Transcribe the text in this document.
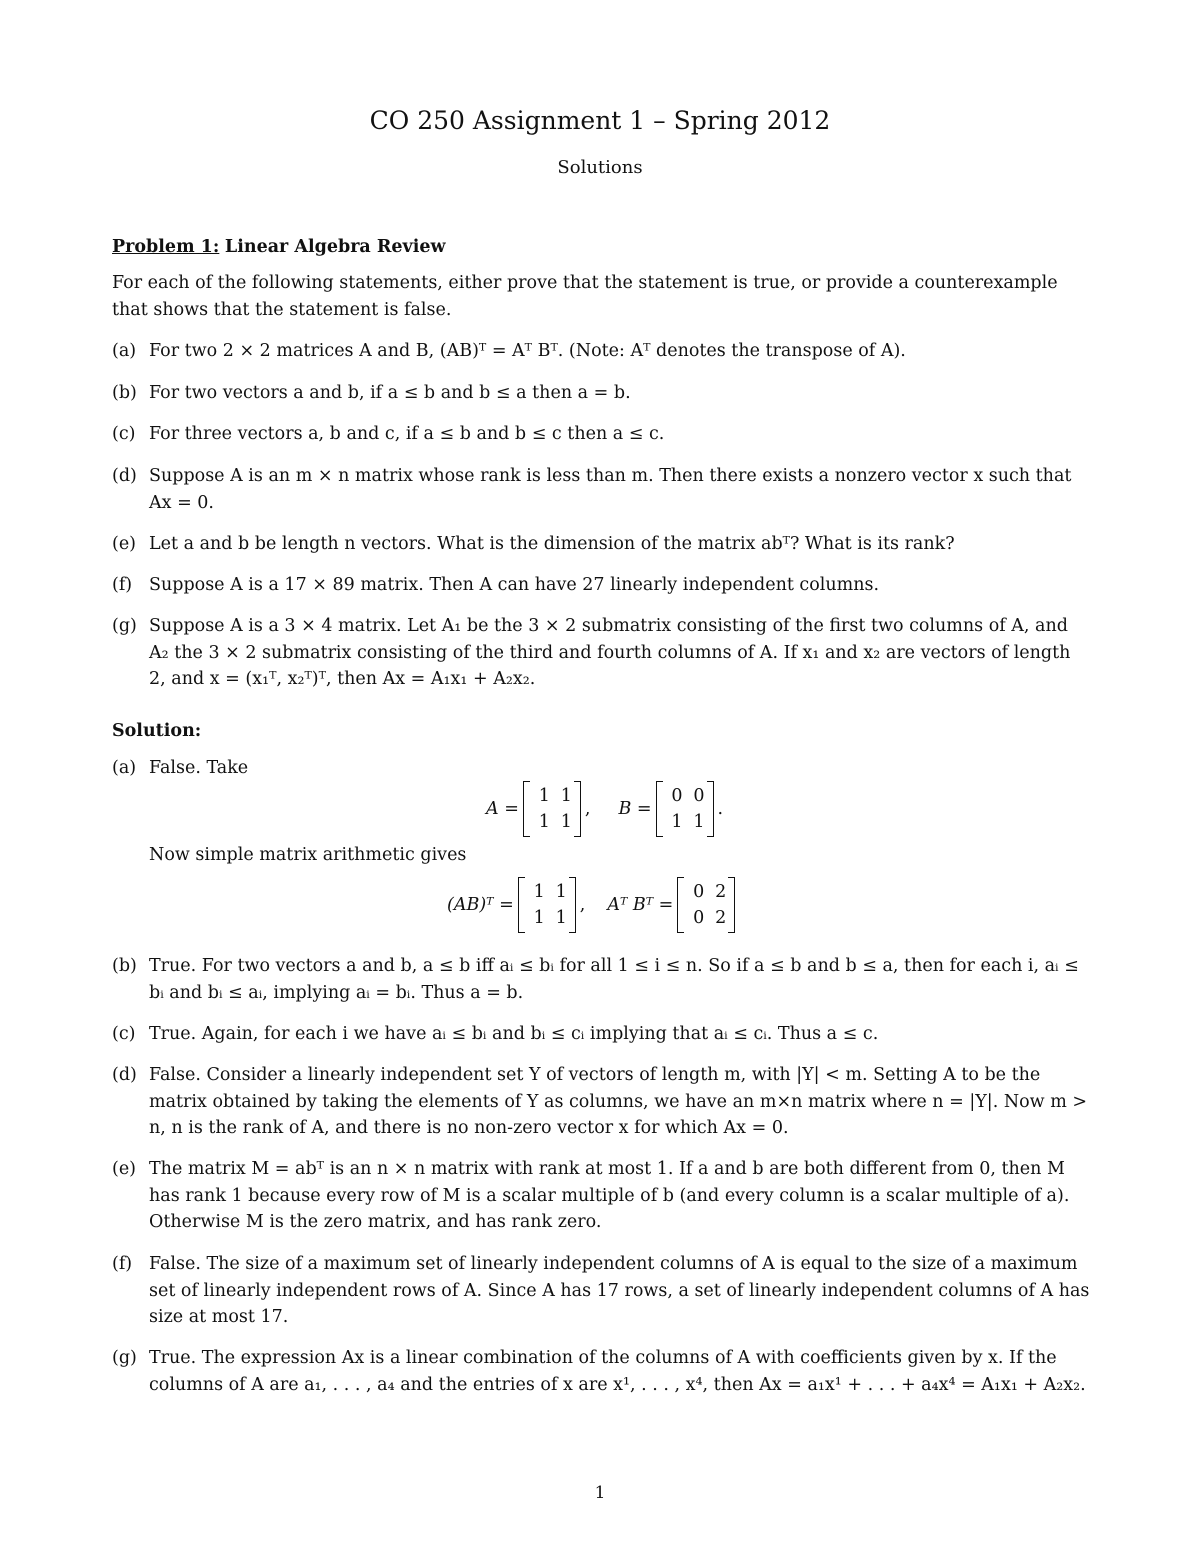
CO 250 Assignment 1 – Spring 2012
Solutions
Problem 1: Linear Algebra Review
For each of the following statements, either prove that the statement is true, or provide a counterexample that shows that the statement is false.
(a) For two 2 × 2 matrices A and B, (AB)ᵀ = Aᵀ Bᵀ. (Note: Aᵀ denotes the transpose of A).
(b) For two vectors a and b, if a ≤ b and b ≤ a then a = b.
(c) For three vectors a, b and c, if a ≤ b and b ≤ c then a ≤ c.
(d) Suppose A is an m × n matrix whose rank is less than m. Then there exists a nonzero vector x such that Ax = 0.
(e) Let a and b be length n vectors. What is the dimension of the matrix abᵀ? What is its rank?
(f) Suppose A is a 17 × 89 matrix. Then A can have 27 linearly independent columns.
(g) Suppose A is a 3 × 4 matrix. Let A₁ be the 3 × 2 submatrix consisting of the first two columns of A, and A₂ the 3 × 2 submatrix consisting of the third and fourth columns of A. If x₁ and x₂ are vectors of length 2, and x = (x₁ᵀ, x₂ᵀ)ᵀ, then Ax = A₁x₁ + A₂x₂.
Solution:
(a) False. Take
A =
1 1
1 1
, B =
0 0
1 1
.
Now simple matrix arithmetic gives
(AB)ᵀ =
1 1
1 1
, Aᵀ Bᵀ =
0 2
0 2
(b) True. For two vectors a and b, a ≤ b iff aᵢ ≤ bᵢ for all 1 ≤ i ≤ n. So if a ≤ b and b ≤ a, then for each i, aᵢ ≤ bᵢ and bᵢ ≤ aᵢ, implying aᵢ = bᵢ. Thus a = b.
(c) True. Again, for each i we have aᵢ ≤ bᵢ and bᵢ ≤ cᵢ implying that aᵢ ≤ cᵢ. Thus a ≤ c.
(d) False. Consider a linearly independent set Y of vectors of length m, with |Y| < m. Setting A to be the matrix obtained by taking the elements of Y as columns, we have an m×n matrix where n = |Y|. Now m > n, n is the rank of A, and there is no non-zero vector x for which Ax = 0.
(e) The matrix M = abᵀ is an n × n matrix with rank at most 1. If a and b are both different from 0, then M has rank 1 because every row of M is a scalar multiple of b (and every column is a scalar multiple of a). Otherwise M is the zero matrix, and has rank zero.
(f) False. The size of a maximum set of linearly independent columns of A is equal to the size of a maximum set of linearly independent rows of A. Since A has 17 rows, a set of linearly independent columns of A has size at most 17.
(g) True. The expression Ax is a linear combination of the columns of A with coefficients given by x. If the columns of A are a₁, . . . , a₄ and the entries of x are x¹, . . . , x⁴, then Ax = a₁x¹ + . . . + a₄x⁴ = A₁x₁ + A₂x₂.
1
